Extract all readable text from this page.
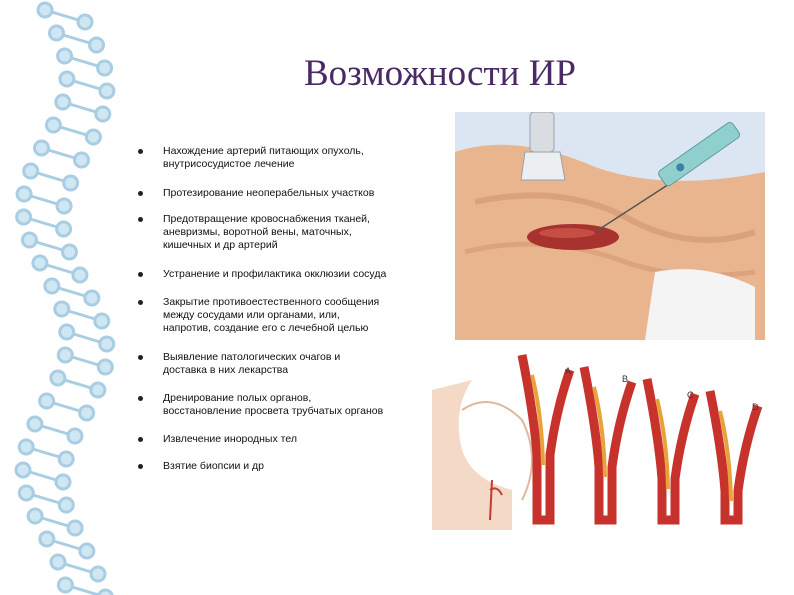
Возможности ИР
Нахождение артерий питающих опухоль,
внутрисосудистое лечение
Протезирование неоперабельных участков
Предотвращение кровоснабжения тканей,
аневризмы, воротной вены, маточных,
кишечных и др артерий
Устранение и профилактика окклюзии сосуда
Закрытие противоестественного сообщения
между сосудами или органами, или,
напротив, создание его с лечебной целью
Выявление патологических очагов и
доставка в них лекарства
Дренирование полых органов,
восстановление просвета трубчатых органов
Извлечение инородных тел
Взятие биопсии и др
A
B
C
D
